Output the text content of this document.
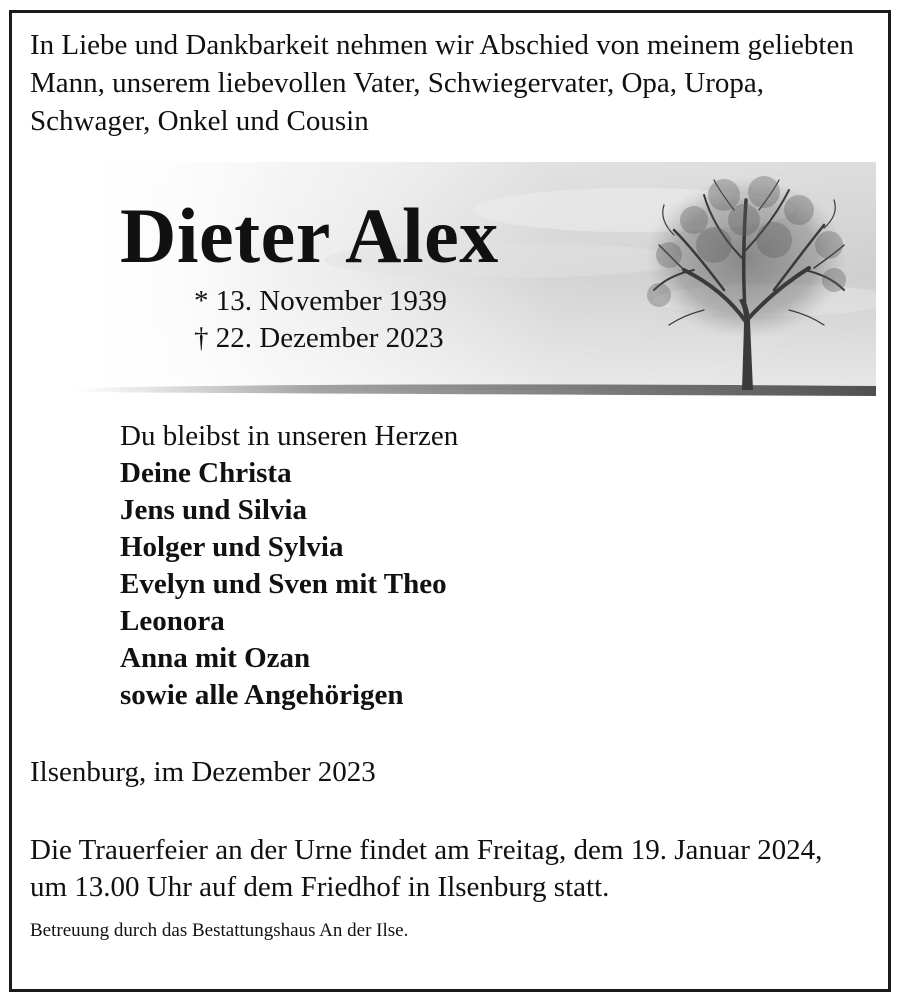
In Liebe und Dankbarkeit nehmen wir Abschied von meinem geliebten Mann, unserem liebevollen Vater, Schwiegervater, Opa, Uropa, Schwager, Onkel und Cousin

Dieter Alex
* 13. November 1939
† 22. Dezember 2023
Du bleibst in unseren Herzen
Deine Christa
Jens und Silvia
Holger und Sylvia
Evelyn und Sven mit Theo
Leonora
Anna mit Ozan
sowie alle Angehörigen
Ilsenburg, im Dezember 2023

Die Trauerfeier an der Urne findet am Freitag, dem 19. Januar 2024, um 13.00 Uhr auf dem Friedhof in Ilsenburg statt.

Betreuung durch das Bestattungshaus An der Ilse.
